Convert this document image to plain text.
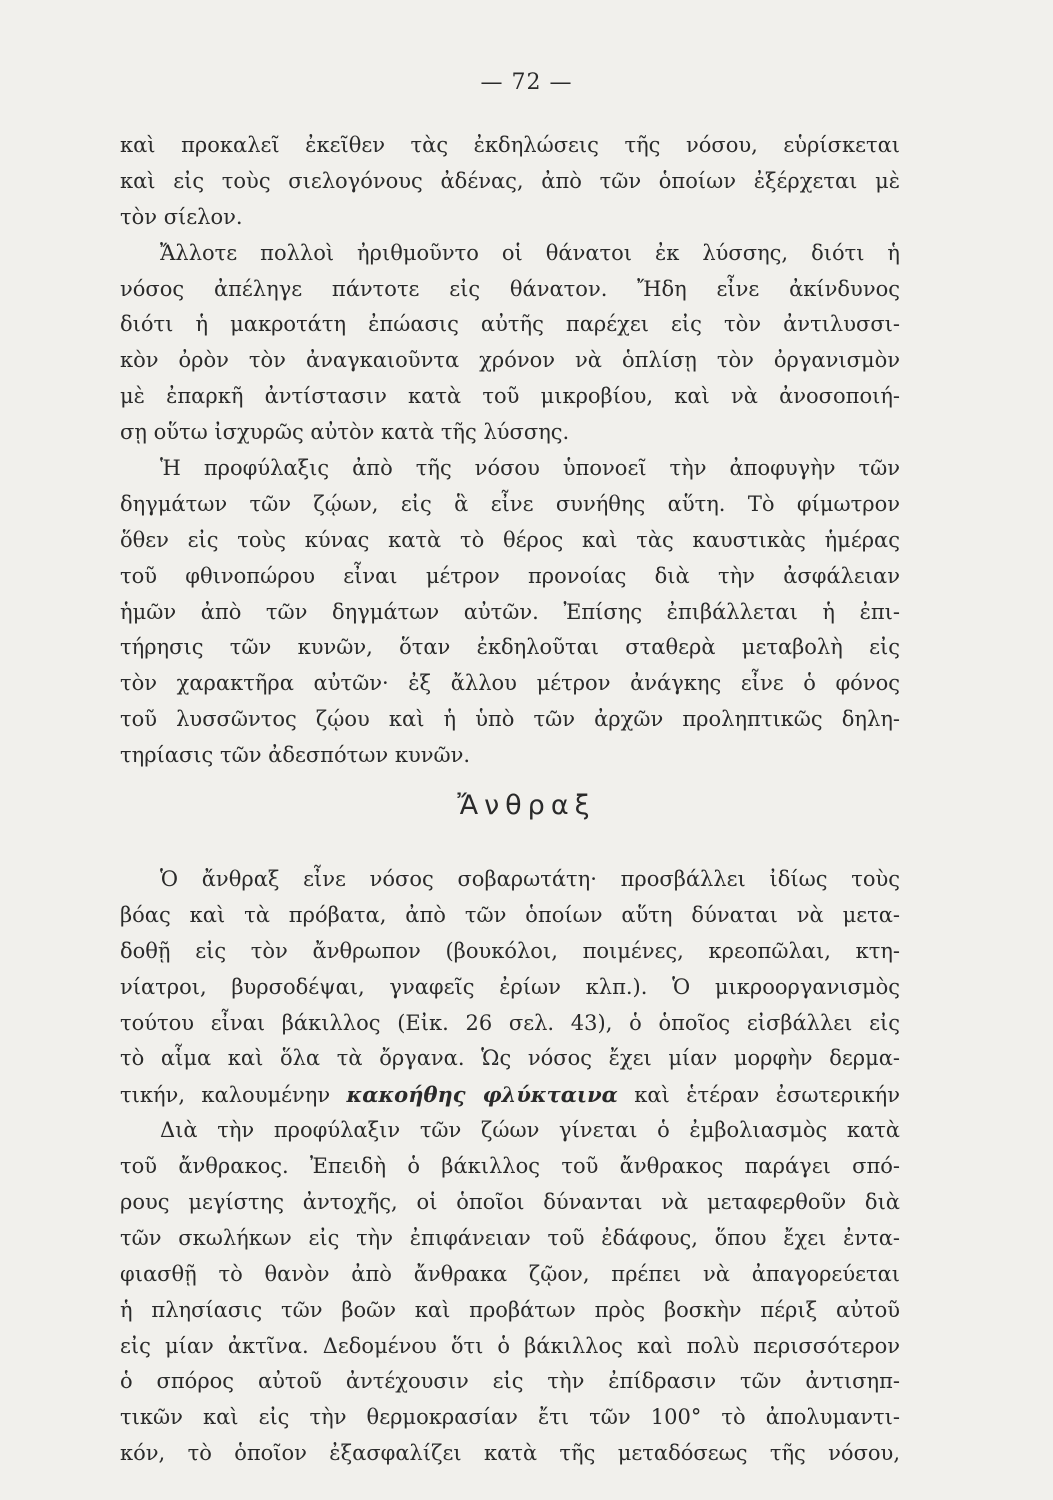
— 72 —
καὶ προκαλεῖ ἐκεῖθεν τὰς ἐκδηλώσεις τῆς νόσου, εὑρίσκεται
καὶ εἰς τοὺς σιελογόνους ἀδένας, ἀπὸ τῶν ὁποίων ἐξέρχεται μὲ
τὸν σίελον.
Ἄλλοτε πολλοὶ ἠριθμοῦντο οἱ θάνατοι ἐκ λύσσης, διότι ἡ
νόσος ἀπέληγε πάντοτε εἰς θάνατον. Ἤδη εἶνε ἀκίνδυνος
διότι ἡ μακροτάτη ἐπώασις αὐτῆς παρέχει εἰς τὸν ἀντιλυσσι-
κὸν ὀρὸν τὸν ἀναγκαιοῦντα χρόνον νὰ ὁπλίσῃ τὸν ὀργανισμὸν
μὲ ἐπαρκῆ ἀντίστασιν κατὰ τοῦ μικροβίου, καὶ νὰ ἀνοσοποιή-
σῃ οὕτω ἰσχυρῶς αὐτὸν κατὰ τῆς λύσσης.
Ἡ προφύλαξις ἀπὸ τῆς νόσου ὑπονοεῖ τὴν ἀποφυγὴν τῶν
δηγμάτων τῶν ζῴων, εἰς ἃ εἶνε συνήθης αὕτη. Τὸ φίμωτρον
ὅθεν εἰς τοὺς κύνας κατὰ τὸ θέρος καὶ τὰς καυστικὰς ἡμέρας
τοῦ φθινοπώρου εἶναι μέτρον προνοίας διὰ τὴν ἀσφάλειαν
ἡμῶν ἀπὸ τῶν δηγμάτων αὐτῶν. Ἐπίσης ἐπιβάλλεται ἡ ἐπι-
τήρησις τῶν κυνῶν, ὅταν ἐκδηλοῦται σταθερὰ μεταβολὴ εἰς
τὸν χαρακτῆρα αὐτῶν· ἐξ ἄλλου μέτρον ἀνάγκης εἶνε ὁ φόνος
τοῦ λυσσῶντος ζῴου καὶ ἡ ὑπὸ τῶν ἀρχῶν προληπτικῶς δηλη-
τηρίασις τῶν ἀδεσπότων κυνῶν.
Ἄνθραξ
Ὁ ἄνθραξ εἶνε νόσος σοβαρωτάτη· προσβάλλει ἰδίως τοὺς
βόας καὶ τὰ πρόβατα, ἀπὸ τῶν ὁποίων αὕτη δύναται νὰ μετα-
δοθῇ εἰς τὸν ἄνθρωπον (βουκόλοι, ποιμένες, κρεοπῶλαι, κτη-
νίατροι, βυρσοδέψαι, γναφεῖς ἐρίων κλπ.). Ὁ μικροοργανισμὸς
τούτου εἶναι βάκιλλος (Εἰκ. 26 σελ. 43), ὁ ὁποῖος εἰσβάλλει εἰς
τὸ αἷμα καὶ ὅλα τὰ ὄργανα. Ὡς νόσος ἔχει μίαν μορφὴν δερμα-
τικήν, καλουμένην κακοήθης φλύκταινα καὶ ἑτέραν ἐσωτερικήν
Διὰ τὴν προφύλαξιν τῶν ζώων γίνεται ὁ ἐμβολιασμὸς κατὰ
τοῦ ἄνθρακος. Ἐπειδὴ ὁ βάκιλλος τοῦ ἄνθρακος παράγει σπό-
ρους μεγίστης ἀντοχῆς, οἱ ὁποῖοι δύνανται νὰ μεταφερθοῦν διὰ
τῶν σκωλήκων εἰς τὴν ἐπιφάνειαν τοῦ ἐδάφους, ὅπου ἔχει ἐντα-
φιασθῇ τὸ θανὸν ἀπὸ ἄνθρακα ζῷον, πρέπει νὰ ἀπαγορεύεται
ἡ πλησίασις τῶν βοῶν καὶ προβάτων πρὸς βοσκὴν πέριξ αὐτοῦ
εἰς μίαν ἀκτῖνα. Δεδομένου ὅτι ὁ βάκιλλος καὶ πολὺ περισσότερον
ὁ σπόρος αὐτοῦ ἀντέχουσιν εἰς τὴν ἐπίδρασιν τῶν ἀντισηπ-
τικῶν καὶ εἰς τὴν θερμοκρασίαν ἔτι τῶν 100° τὸ ἀπολυμαντι-
κόν, τὸ ὁποῖον ἐξασφαλίζει κατὰ τῆς μεταδόσεως τῆς νόσου,
